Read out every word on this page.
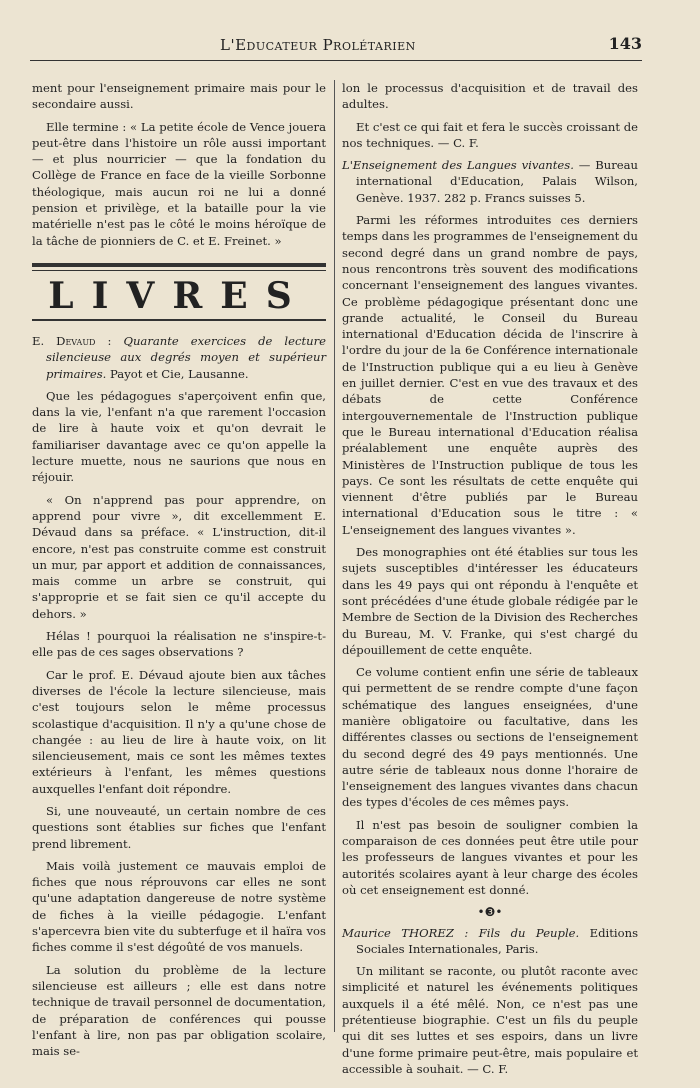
L'Educateur Prolétarien	143

ment pour l'enseignement primaire mais pour le secondaire aussi.

Elle termine : « La petite école de Vence jouera peut-être dans l'histoire un rôle aussi important — et plus nourricier — que la fondation du Collège de France en face de la vieille Sorbonne théologique, mais aucun roi ne lui a donné pension et privilège, et la bataille pour la vie matérielle n'est pas le côté le moins héroïque de la tâche de pionniers de C. et E. Freinet. »

LIVRES

E. Devaud : Quarante exercices de lecture silencieuse aux degrés moyen et supérieur primaires. Payot et Cie, Lausanne.

Que les pédagogues s'aperçoivent enfin que, dans la vie, l'enfant n'a que rarement l'occasion de lire à haute voix et qu'on devrait le familiariser davantage avec ce qu'on appelle la lecture muette, nous ne saurions que nous en réjouir.

« On n'apprend pas pour apprendre, on apprend pour vivre », dit excellemment E. Dévaud dans sa préface. « L'instruction, dit-il encore, n'est pas construite comme est construit un mur, par apport et addition de connaissances, mais comme un arbre se construit, qui s'approprie et se fait sien ce qu'il accepte du dehors. »

Hélas ! pourquoi la réalisation ne s'inspire-t-elle pas de ces sages observations ?

Car le prof. E. Dévaud ajoute bien aux tâches diverses de l'école la lecture silencieuse, mais c'est toujours selon le même processus scolastique d'acquisition. Il n'y a qu'une chose de changée : au lieu de lire à haute voix, on lit silencieusement, mais ce sont les mêmes textes extérieurs à l'enfant, les mêmes questions auxquelles l'enfant doit répondre.

Si, une nouveauté, un certain nombre de ces questions sont établies sur fiches que l'enfant prend librement.

Mais voilà justement ce mauvais emploi de fiches que nous réprouvons car elles ne sont qu'une adaptation dangereuse de notre système de fiches à la vieille pédagogie. L'enfant s'apercevra bien vite du subterfuge et il haïra vos fiches comme il s'est dégoûté de vos manuels.

La solution du problème de la lecture silencieuse est ailleurs ; elle est dans notre technique de travail personnel de documentation, de préparation de conférences qui pousse l'enfant à lire, non pas par obligation scolaire, mais se-

lon le processus d'acquisition et de travail des adultes.

Et c'est ce qui fait et fera le succès croissant de nos techniques. — C. F.

L'Enseignement des Langues vivantes. — Bureau international d'Education, Palais Wilson, Genève. 1937. 282 p. Francs suisses 5.

Parmi les réformes introduites ces derniers temps dans les programmes de l'enseignement du second degré dans un grand nombre de pays, nous rencontrons très souvent des modifications concernant l'enseignement des langues vivantes. Ce problème pédagogique présentant donc une grande actualité, le Conseil du Bureau international d'Education décida de l'inscrire à l'ordre du jour de la 6e Conférence internationale de l'Instruction publique qui a eu lieu à Genève en juillet dernier. C'est en vue des travaux et des débats de cette Conférence intergouvernementale de l'Instruction publique que le Bureau international d'Education réalisa préalablement une enquête auprès des Ministères de l'Instruction publique de tous les pays. Ce sont les résultats de cette enquête qui viennent d'être publiés par le Bureau international d'Education sous le titre : « L'enseignement des langues vivantes ».

Des monographies ont été établies sur tous les sujets susceptibles d'intéresser les éducateurs dans les 49 pays qui ont répondu à l'enquête et sont précédées d'une étude globale rédigée par le Membre de Section de la Division des Recherches du Bureau, M. V. Franke, qui s'est chargé du dépouillement de cette enquête.

Ce volume contient enfin une série de tableaux qui permettent de se rendre compte d'une façon schématique des langues enseignées, d'une manière obligatoire ou facultative, dans les différentes classes ou sections de l'enseignement du second degré des 49 pays mentionnés. Une autre série de tableaux nous donne l'horaire de l'enseignement des langues vivantes dans chacun des types d'écoles de ces mêmes pays.

Il n'est pas besoin de souligner combien la comparaison de ces données peut être utile pour les professeurs de langues vivantes et pour les autorités scolaires ayant à leur charge des écoles où cet enseignement est donné.

•❸•

Maurice THOREZ : Fils du Peuple. Editions Sociales Internationales, Paris.

Un militant se raconte, ou plutôt raconte avec simplicité et naturel les événements politiques auxquels il a été mêlé. Non, ce n'est pas une prétentieuse biographie. C'est un fils du peuple qui dit ses luttes et ses espoirs, dans un livre d'une forme primaire peut-être, mais populaire et accessible à souhait. — C. F.
